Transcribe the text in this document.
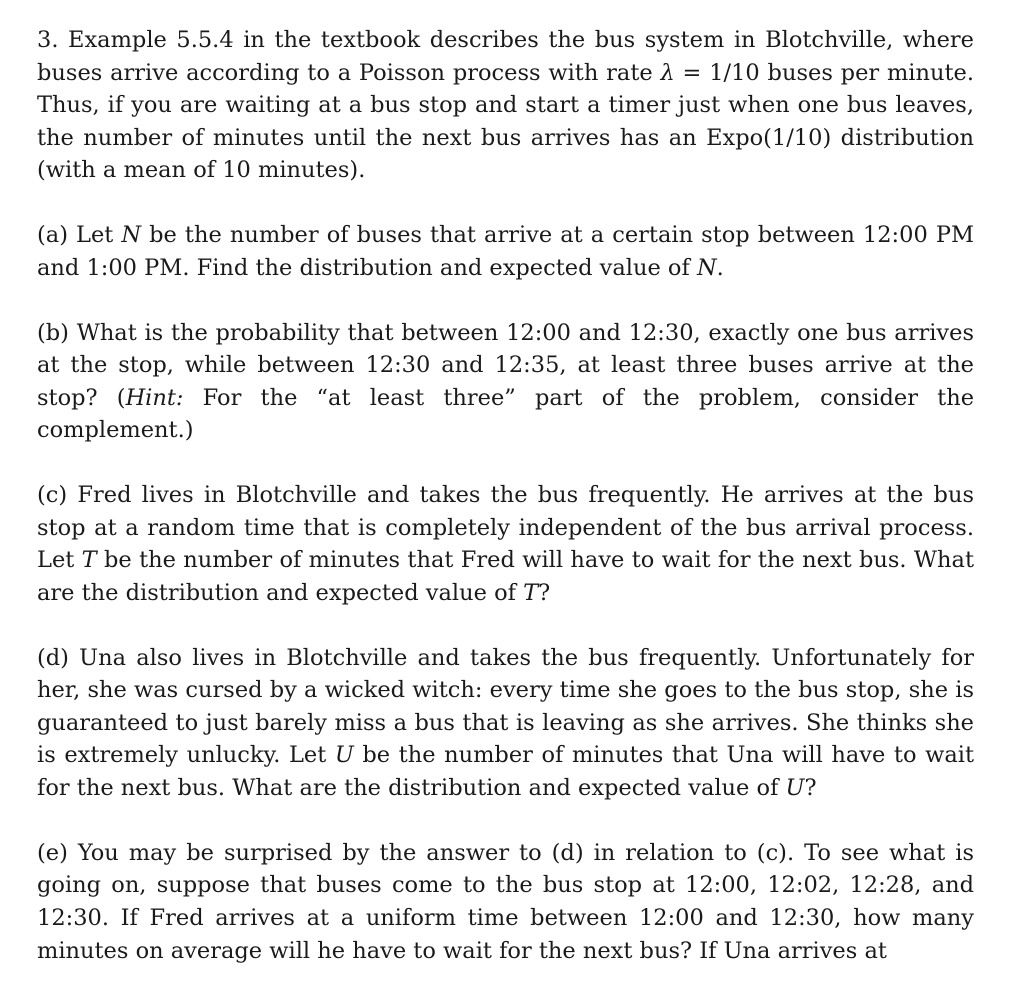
3. Example 5.5.4 in the textbook describes the bus system in Blotchville, where buses arrive according to a Poisson process with rate λ = 1/10 buses per minute. Thus, if you are waiting at a bus stop and start a timer just when one bus leaves, the number of minutes until the next bus arrives has an Expo(1/10) distribution (with a mean of 10 minutes).

(a) Let N be the number of buses that arrive at a certain stop between 12:00 PM and 1:00 PM. Find the distribution and expected value of N.

(b) What is the probability that between 12:00 and 12:30, exactly one bus arrives at the stop, while between 12:30 and 12:35, at least three buses arrive at the stop? (Hint: For the “at least three” part of the problem, consider the complement.)

(c) Fred lives in Blotchville and takes the bus frequently. He arrives at the bus stop at a random time that is completely independent of the bus arrival process. Let T be the number of minutes that Fred will have to wait for the next bus. What are the distribution and expected value of T?

(d) Una also lives in Blotchville and takes the bus frequently. Unfortunately for her, she was cursed by a wicked witch: every time she goes to the bus stop, she is guaranteed to just barely miss a bus that is leaving as she arrives. She thinks she is extremely unlucky. Let U be the number of minutes that Una will have to wait for the next bus. What are the distribution and expected value of U?

(e) You may be surprised by the answer to (d) in relation to (c). To see what is going on, suppose that buses come to the bus stop at 12:00, 12:02, 12:28, and 12:30. If Fred arrives at a uniform time between 12:00 and 12:30, how many minutes on average will he have to wait for the next bus? If Una arrives at
